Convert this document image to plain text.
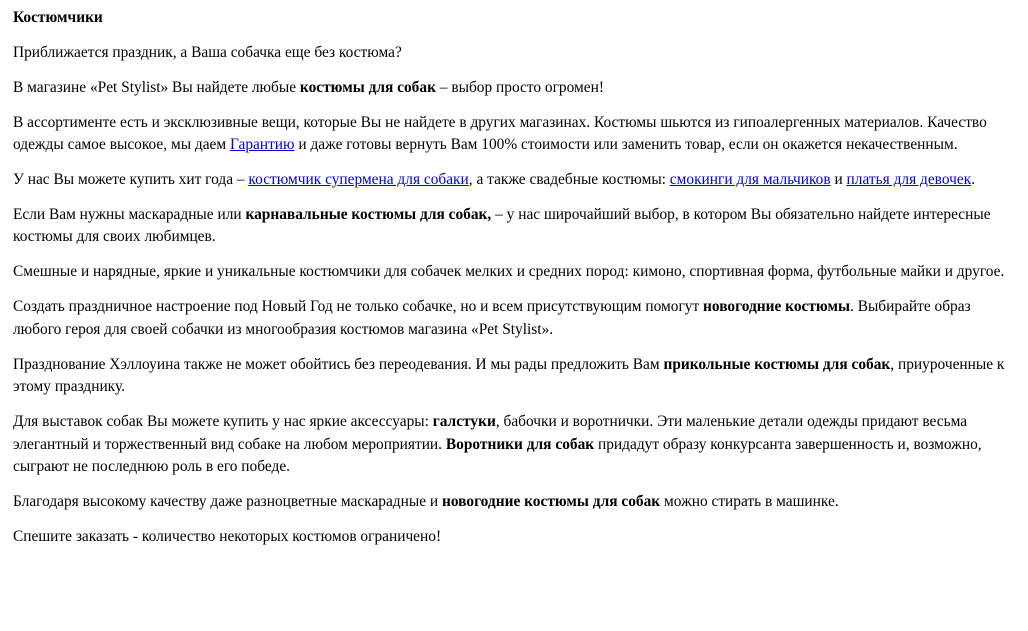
Костюмчики

Приближается праздник, а Ваша собачка еще без костюма?

В магазине «Pet Stylist» Вы найдете любые костюмы для собак – выбор просто огромен!

В ассортименте есть и эксклюзивные вещи, которые Вы не найдете в других магазинах. Костюмы шьются из гипоалергенных материалов. Качество одежды самое высокое, мы даем Гарантию и даже готовы вернуть Вам 100% стоимости или заменить товар, если он окажется некачественным.

У нас Вы можете купить хит года – костюмчик супермена для собаки, а также свадебные костюмы: смокинги для мальчиков и платья для девочек.

Если Вам нужны маскарадные или карнавальные костюмы для собак, – у нас широчайший выбор, в котором Вы обязательно найдете интересные костюмы для своих любимцев.

Смешные и нарядные, яркие и уникальные костюмчики для собачек мелких и средних пород: кимоно, спортивная форма, футбольные майки и другое.

Создать праздничное настроение под Новый Год не только собачке, но и всем присутствующим помогут новогодние костюмы. Выбирайте образ любого героя для своей собачки из многообразия костюмов магазина «Pet Stylist».

Празднование Хэллоуина также не может обойтись без переодевания. И мы рады предложить Вам прикольные костюмы для собак, приуроченные к этому празднику.

Для выставок собак Вы можете купить у нас яркие аксессуары: галстуки, бабочки и воротнички. Эти маленькие детали одежды придают весьма элегантный и торжественный вид собаке на любом мероприятии. Воротники для собак придадут образу конкурсанта завершенность и, возможно, сыграют не последнюю роль в его победе.

Благодаря высокому качеству даже разноцветные маскарадные и новогодние костюмы для собак можно стирать в машинке.

Спешите заказать - количество некоторых костюмов ограничено!
